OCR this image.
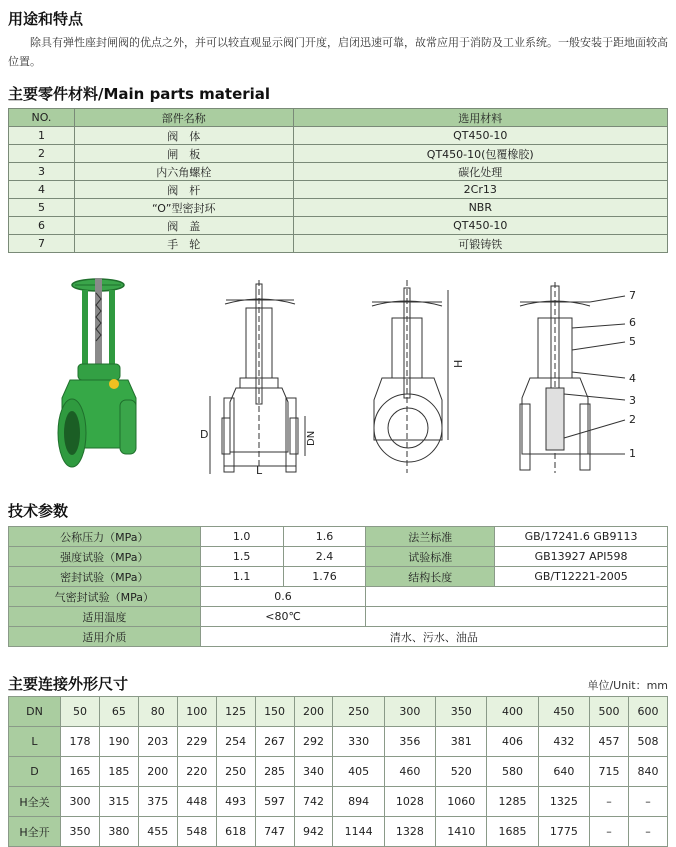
用途和特点
除具有弹性座封闸阀的优点之外，并可以较直观显示阀门开度，启闭迅速可靠，故常应用于消防及工业系统。一般安装于距地面较高位置。
主要零件材料/Main parts material
NO.	部件名称	选用材料
1	阀　体	QT450-10
2	闸　板	QT450-10(包覆橡胶)
3	内六角螺栓	碳化处理
4	阀　杆	2Cr13
5	“O”型密封环	NBR
6	阀　盖	QT450-10
7	手　轮	可锻铸铁
D	DN
L
H
7
6
5
4
3
2
1
技术参数
公称压力（MPa）	1.0	1.6	法兰标准	GB/17241.6 GB9113
强度试验（MPa）	1.5	2.4	试验标准	GB13927 API598
密封试验（MPa）	1.1	1.76	结构长度	GB/T12221-2005
气密封试验（MPa）	0.6			
适用温度	<80℃			
适用介质	清水、污水、油品			
主要连接外形尺寸	单位/Unit：mm
DN	50	65	80	100	125	150	200	250	300	350	400	450	500	600
L	178	190	203	229	254	267	292	330	356	381	406	432	457	508
D	165	185	200	220	250	285	340	405	460	520	580	640	715	840
H全关	300	315	375	448	493	597	742	894	1028	1060	1285	1325	–	–
H全开	350	380	455	548	618	747	942	1144	1328	1410	1685	1775	–	–
